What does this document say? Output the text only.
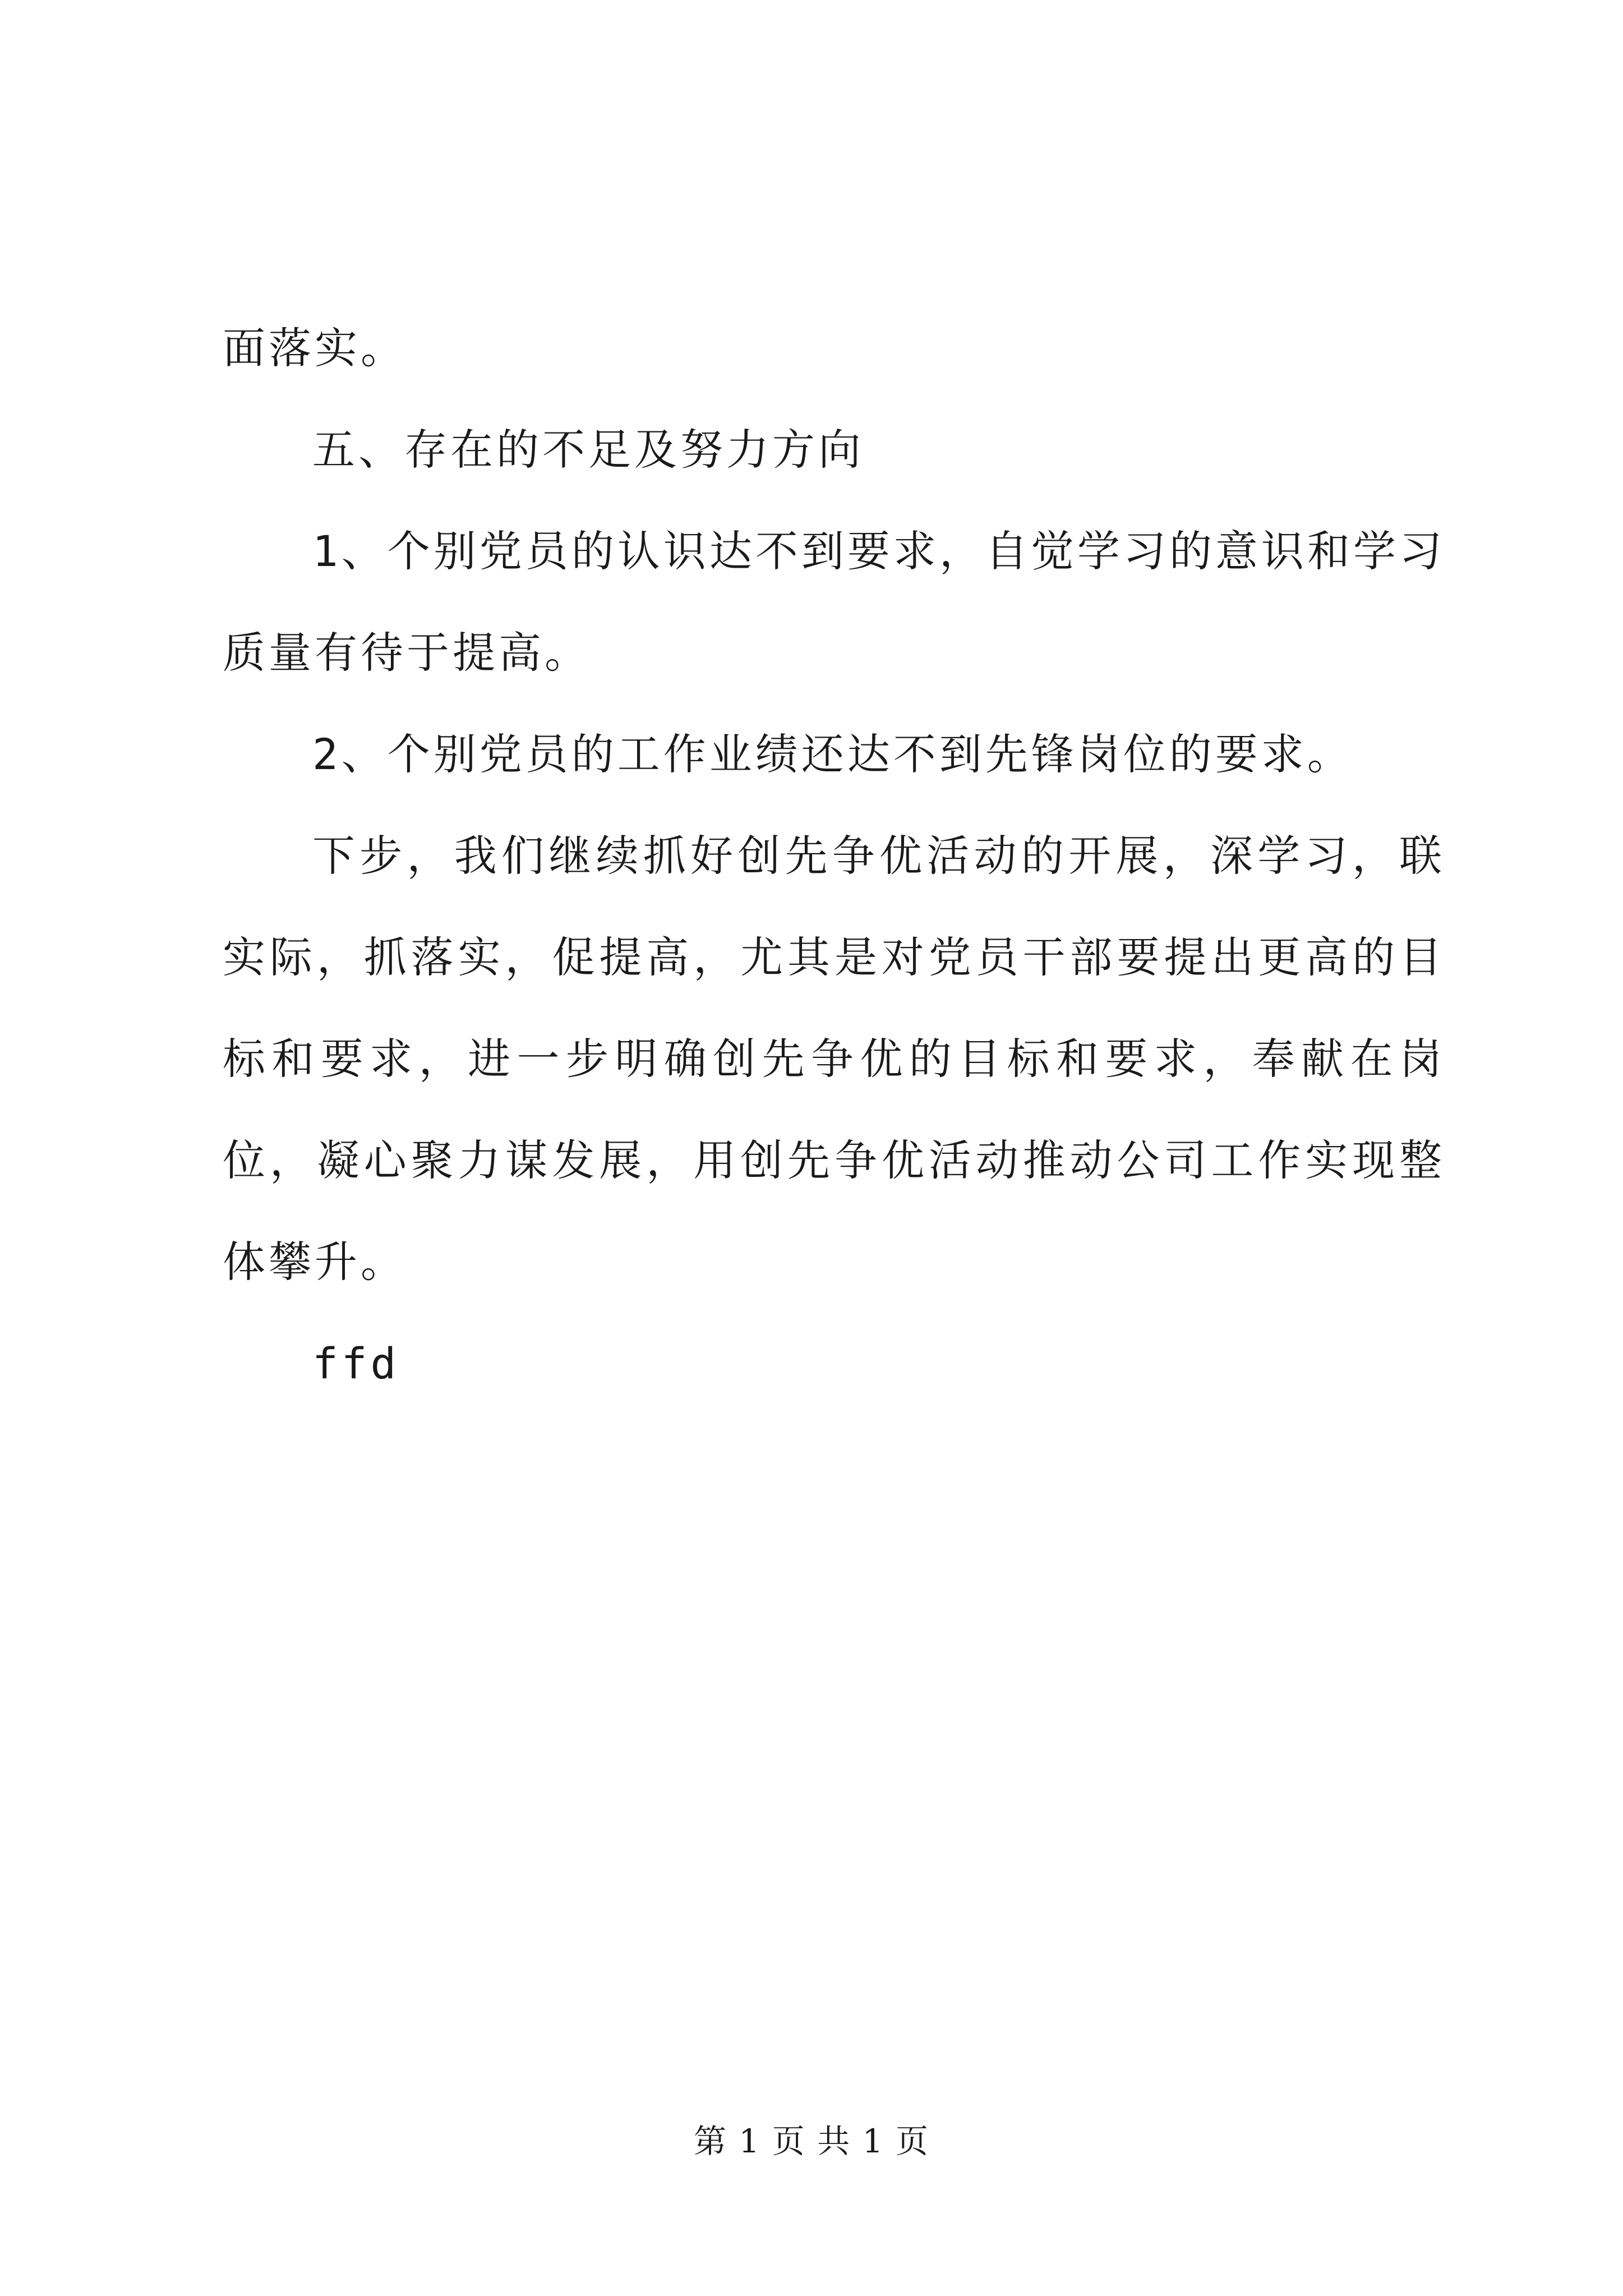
面落实。

五、存在的不足及努力方向

1、个别党员的认识达不到要求，自觉学习的意识和学习质量有待于提高。

2、个别党员的工作业绩还达不到先锋岗位的要求。

下步，我们继续抓好创先争优活动的开展，深学习，联实际，抓落实，促提高，尤其是对党员干部要提出更高的目标和要求，进一步明确创先争优的目标和要求，奉献在岗位，凝心聚力谋发展，用创先争优活动推动公司工作实现整体攀升。

ffd

第 1 页 共 1 页
